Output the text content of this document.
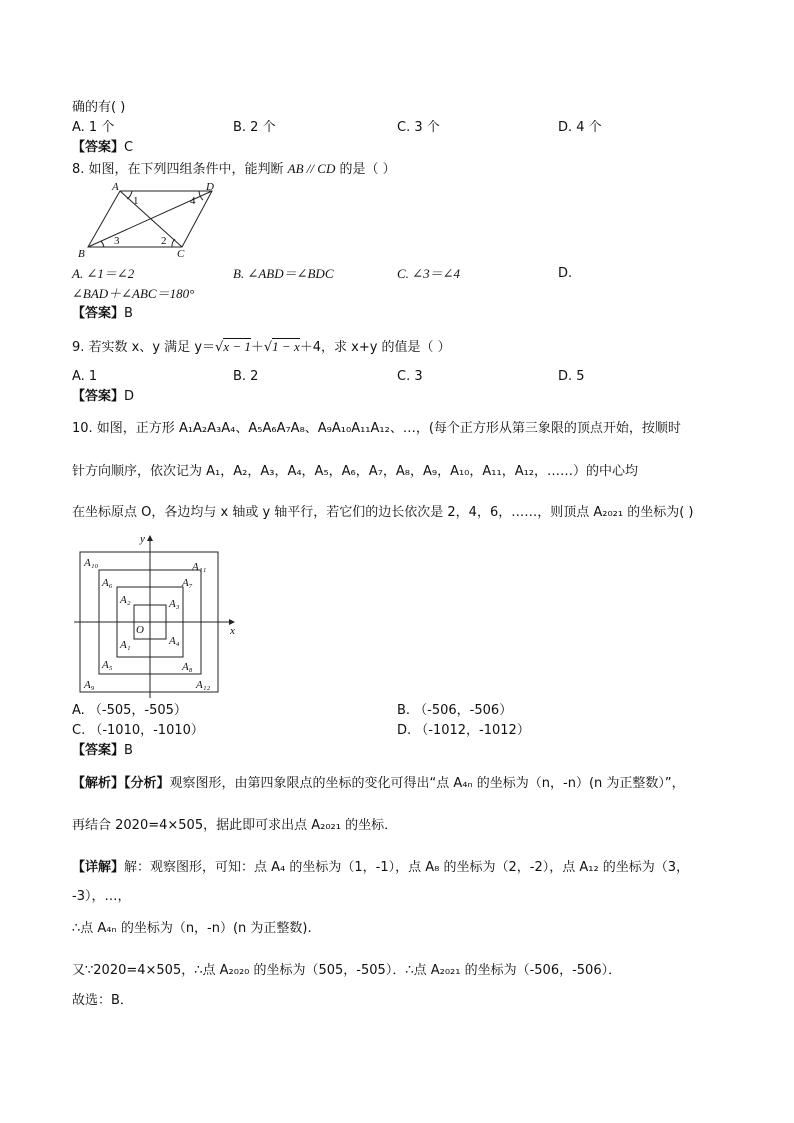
确的有( )
A. 1 个	B. 2 个	C. 3 个	D. 4 个
【答案】C
8. 如图，在下列四组条件中，能判断 AB // CD 的是（ ）
A	D
B	C
1	4
3	2
A. ∠1＝∠2	B. ∠ABD＝∠BDC	C. ∠3＝∠4	D.
∠BAD＋∠ABC＝180°
【答案】B
9. 若实数 x、y 满足 y＝√x − 1＋√1 − x＋4，求 x+y 的值是（ ）
A. 1	B. 2	C. 3	D. 5
【答案】D
10. 如图，正方形 A₁A₂A₃A₄、A₅A₆A₇A₈、A₉A₁₀A₁₁A₁₂、…，(每个正方形从第三象限的顶点开始，按顺时
针方向顺序，依次记为 A₁，A₂，A₃，A₄，A₅，A₆，A₇，A₈，A₉，A₁₀，A₁₁，A₁₂，……）的中心均
在坐标原点 O，各边均与 x 轴或 y 轴平行，若它们的边长依次是 2，4，6，……，则顶点 A₂₀₂₁ 的坐标为( )
x
y
O
A₁
A₂	A₃
A₄
A₅
A₆	A₇
A₈
A₉
A₁₀	A₁₁
A₁₂
A. （-505，-505）	B. （-506，-506）
C. （-1010，-1010）	D. （-1012，-1012）
【答案】B
【解析】【分析】观察图形，由第四象限点的坐标的变化可得出“点 A₄ₙ 的坐标为（n，-n）(n 为正整数）”，
再结合 2020=4×505，据此即可求出点 A₂₀₂₁ 的坐标．
【详解】解：观察图形，可知：点 A₄ 的坐标为（1，-1），点 A₈ 的坐标为（2，-2），点 A₁₂ 的坐标为（3，
-3），…，
∴点 A₄ₙ 的坐标为（n，-n）(n 为正整数).
又∵2020=4×505，∴点 A₂₀₂₀ 的坐标为（505，-505）．∴点 A₂₀₂₁ 的坐标为（-506，-506）．
故选：B．
